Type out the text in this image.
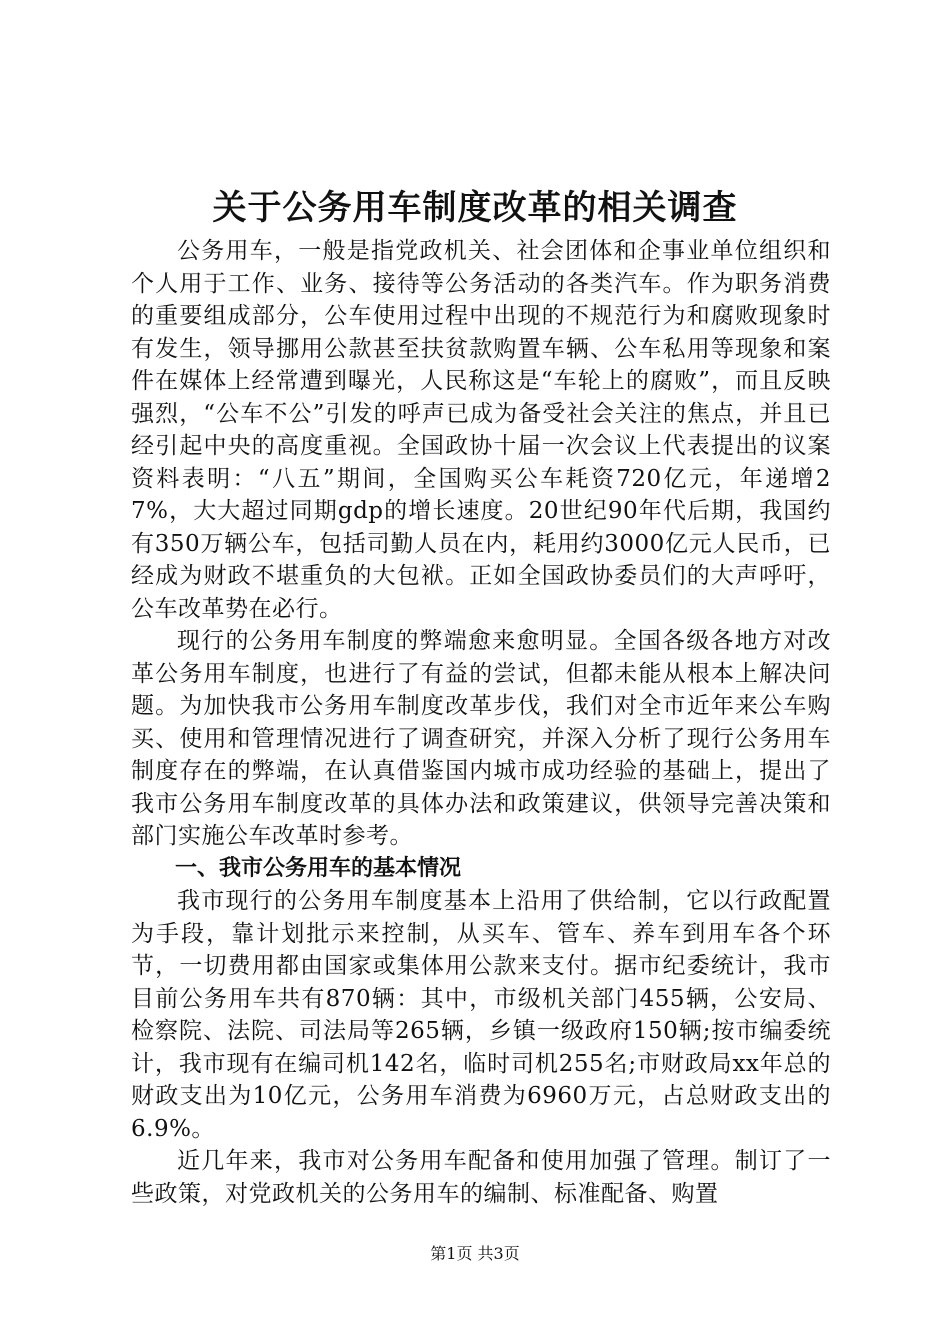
关于公务用车制度改革的相关调查

公务用车，一般是指党政机关、社会团体和企事业单位组织和个人用于工作、业务、接待等公务活动的各类汽车。作为职务消费的重要组成部分，公车使用过程中出现的不规范行为和腐败现象时有发生，领导挪用公款甚至扶贫款购置车辆、公车私用等现象和案件在媒体上经常遭到曝光，人民称这是“车轮上的腐败”，而且反映强烈，“公车不公”引发的呼声已成为备受社会关注的焦点，并且已经引起中央的高度重视。全国政协十届一次会议上代表提出的议案资料表明：“八五”期间，全国购买公车耗资720亿元，年递增27%，大大超过同期gdp的增长速度。20世纪90年代后期，我国约有350万辆公车，包括司勤人员在内，耗用约3000亿元人民币，已经成为财政不堪重负的大包袱。正如全国政协委员们的大声呼吁，公车改革势在必行。

现行的公务用车制度的弊端愈来愈明显。全国各级各地方对改革公务用车制度，也进行了有益的尝试，但都未能从根本上解决问题。为加快我市公务用车制度改革步伐，我们对全市近年来公车购买、使用和管理情况进行了调查研究，并深入分析了现行公务用车制度存在的弊端，在认真借鉴国内城市成功经验的基础上，提出了我市公务用车制度改革的具体办法和政策建议，供领导完善决策和部门实施公车改革时参考。

一、我市公务用车的基本情况

我市现行的公务用车制度基本上沿用了供给制，它以行政配置为手段，靠计划批示来控制，从买车、管车、养车到用车各个环节，一切费用都由国家或集体用公款来支付。据市纪委统计，我市目前公务用车共有870辆：其中，市级机关部门455辆，公安局、检察院、法院、司法局等265辆，乡镇一级政府150辆;按市编委统计，我市现有在编司机142名，临时司机255名;市财政局xx年总的财政支出为10亿元，公务用车消费为6960万元，占总财政支出的6.9%。

近几年来，我市对公务用车配备和使用加强了管理。制订了一些政策，对党政机关的公务用车的编制、标准配备、购置

第1页 共3页
